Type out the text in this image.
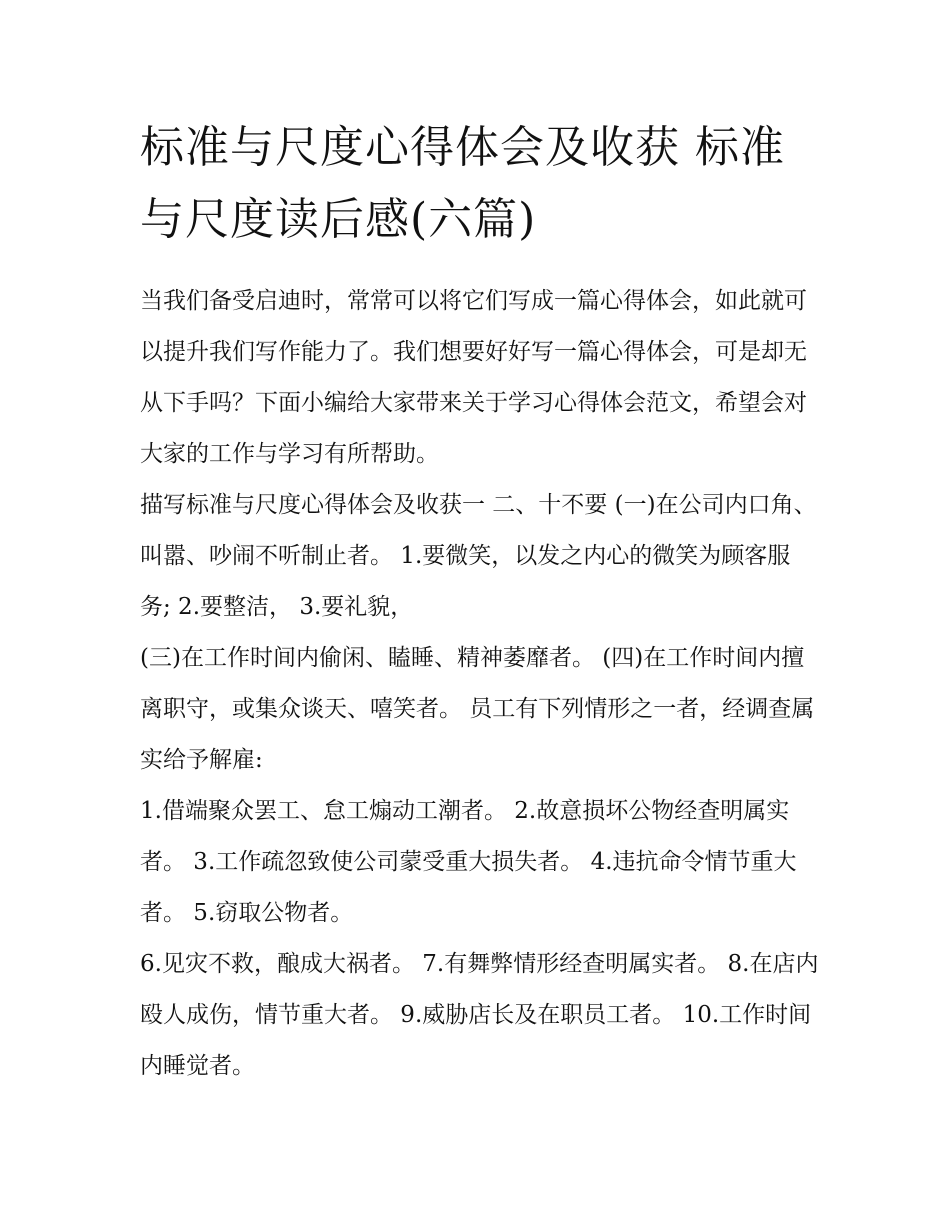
标准与尺度心得体会及收获 标准与尺度读后感(六篇)

当我们备受启迪时，常常可以将它们写成一篇心得体会，如此就可以提升我们写作能力了。我们想要好好写一篇心得体会，可是却无从下手吗？下面小编给大家带来关于学习心得体会范文，希望会对大家的工作与学习有所帮助。

描写标准与尺度心得体会及收获一 二、十不要 (一)在公司内口角、叫嚣、吵闹不听制止者。 1.要微笑，以发之内心的微笑为顾客服务; 2.要整洁， 3.要礼貌，

(三)在工作时间内偷闲、瞌睡、精神萎靡者。 (四)在工作时间内擅离职守，或集众谈天、嘻笑者。 员工有下列情形之一者，经调查属实给予解雇:

1.借端聚众罢工、怠工煽动工潮者。 2.故意损坏公物经查明属实者。 3.工作疏忽致使公司蒙受重大损失者。 4.违抗命令情节重大者。 5.窃取公物者。

6.见灾不救，酿成大祸者。 7.有舞弊情形经查明属实者。 8.在店内殴人成伤，情节重大者。 9.威胁店长及在职员工者。 10.工作时间内睡觉者。
